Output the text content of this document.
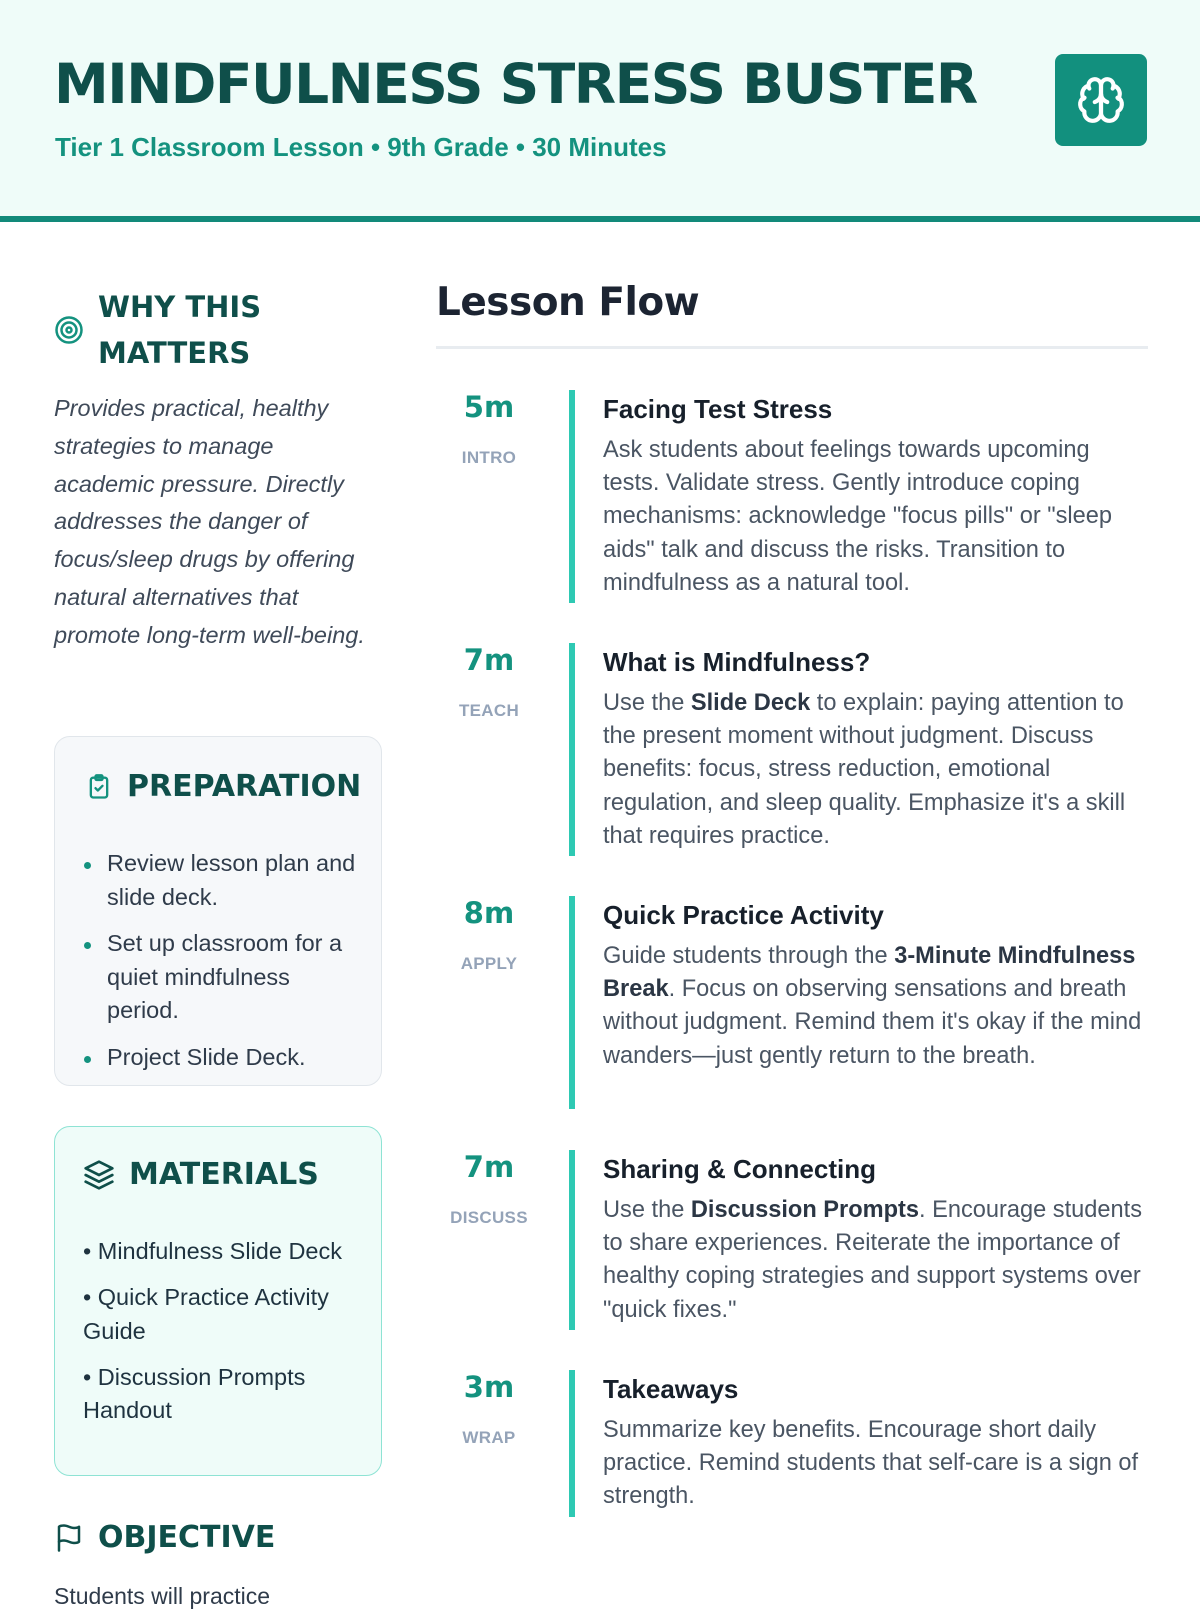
MINDFULNESS STRESS BUSTER
Tier 1 Classroom Lesson • 9th Grade • 30 Minutes
WHY THIS MATTERS
Provides practical, healthy strategies to manage academic pressure. Directly addresses the danger of focus/sleep drugs by offering natural alternatives that promote long-term well-being.
PREPARATION
Review lesson plan and slide deck.
Set up classroom for a quiet mindfulness period.
Project Slide Deck.
MATERIALS
• Mindfulness Slide Deck
• Quick Practice Activity Guide
• Discussion Prompts Handout
OBJECTIVE
Students will practice
Lesson Flow
5m
INTRO
Facing Test Stress
Ask students about feelings towards upcoming tests. Validate stress. Gently introduce coping mechanisms: acknowledge "focus pills" or "sleep aids" talk and discuss the risks. Transition to mindfulness as a natural tool.
7m
TEACH
What is Mindfulness?
Use the Slide Deck to explain: paying attention to the present moment without judgment. Discuss benefits: focus, stress reduction, emotional regulation, and sleep quality. Emphasize it's a skill that requires practice.
8m
APPLY
Quick Practice Activity
Guide students through the 3-Minute Mindfulness Break. Focus on observing sensations and breath without judgment. Remind them it's okay if the mind wanders—just gently return to the breath.
7m
DISCUSS
Sharing & Connecting
Use the Discussion Prompts. Encourage students to share experiences. Reiterate the importance of healthy coping strategies and support systems over "quick fixes."
3m
WRAP
Takeaways
Summarize key benefits. Encourage short daily practice. Remind students that self-care is a sign of strength.
